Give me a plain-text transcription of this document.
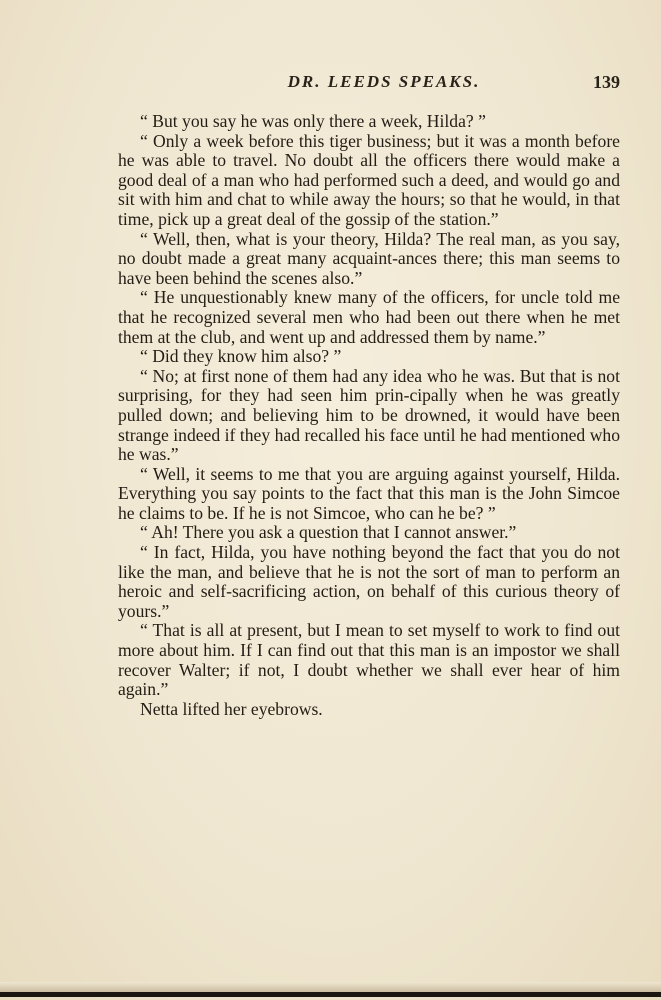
DR. LEEDS SPEAKS.	139

“ But you say he was only there a week, Hilda? ”

“ Only a week before this tiger business; but it was a month before he was able to travel. No doubt all the officers there would make a good deal of a man who had performed such a deed, and would go and sit with him and chat to while away the hours; so that he would, in that time, pick up a great deal of the gossip of the station.”

“ Well, then, what is your theory, Hilda? The real man, as you say, no doubt made a great many acquaint-ances there; this man seems to have been behind the scenes also.”

“ He unquestionably knew many of the officers, for uncle told me that he recognized several men who had been out there when he met them at the club, and went up and addressed them by name.”

“ Did they know him also? ”

“ No; at first none of them had any idea who he was. But that is not surprising, for they had seen him prin-cipally when he was greatly pulled down; and believing him to be drowned, it would have been strange indeed if they had recalled his face until he had mentioned who he was.”

“ Well, it seems to me that you are arguing against yourself, Hilda. Everything you say points to the fact that this man is the John Simcoe he claims to be. If he is not Simcoe, who can he be? ”

“ Ah! There you ask a question that I cannot answer.”

“ In fact, Hilda, you have nothing beyond the fact that you do not like the man, and believe that he is not the sort of man to perform an heroic and self-sacrificing action, on behalf of this curious theory of yours.”

“ That is all at present, but I mean to set myself to work to find out more about him. If I can find out that this man is an impostor we shall recover Walter; if not, I doubt whether we shall ever hear of him again.”

Netta lifted her eyebrows.
